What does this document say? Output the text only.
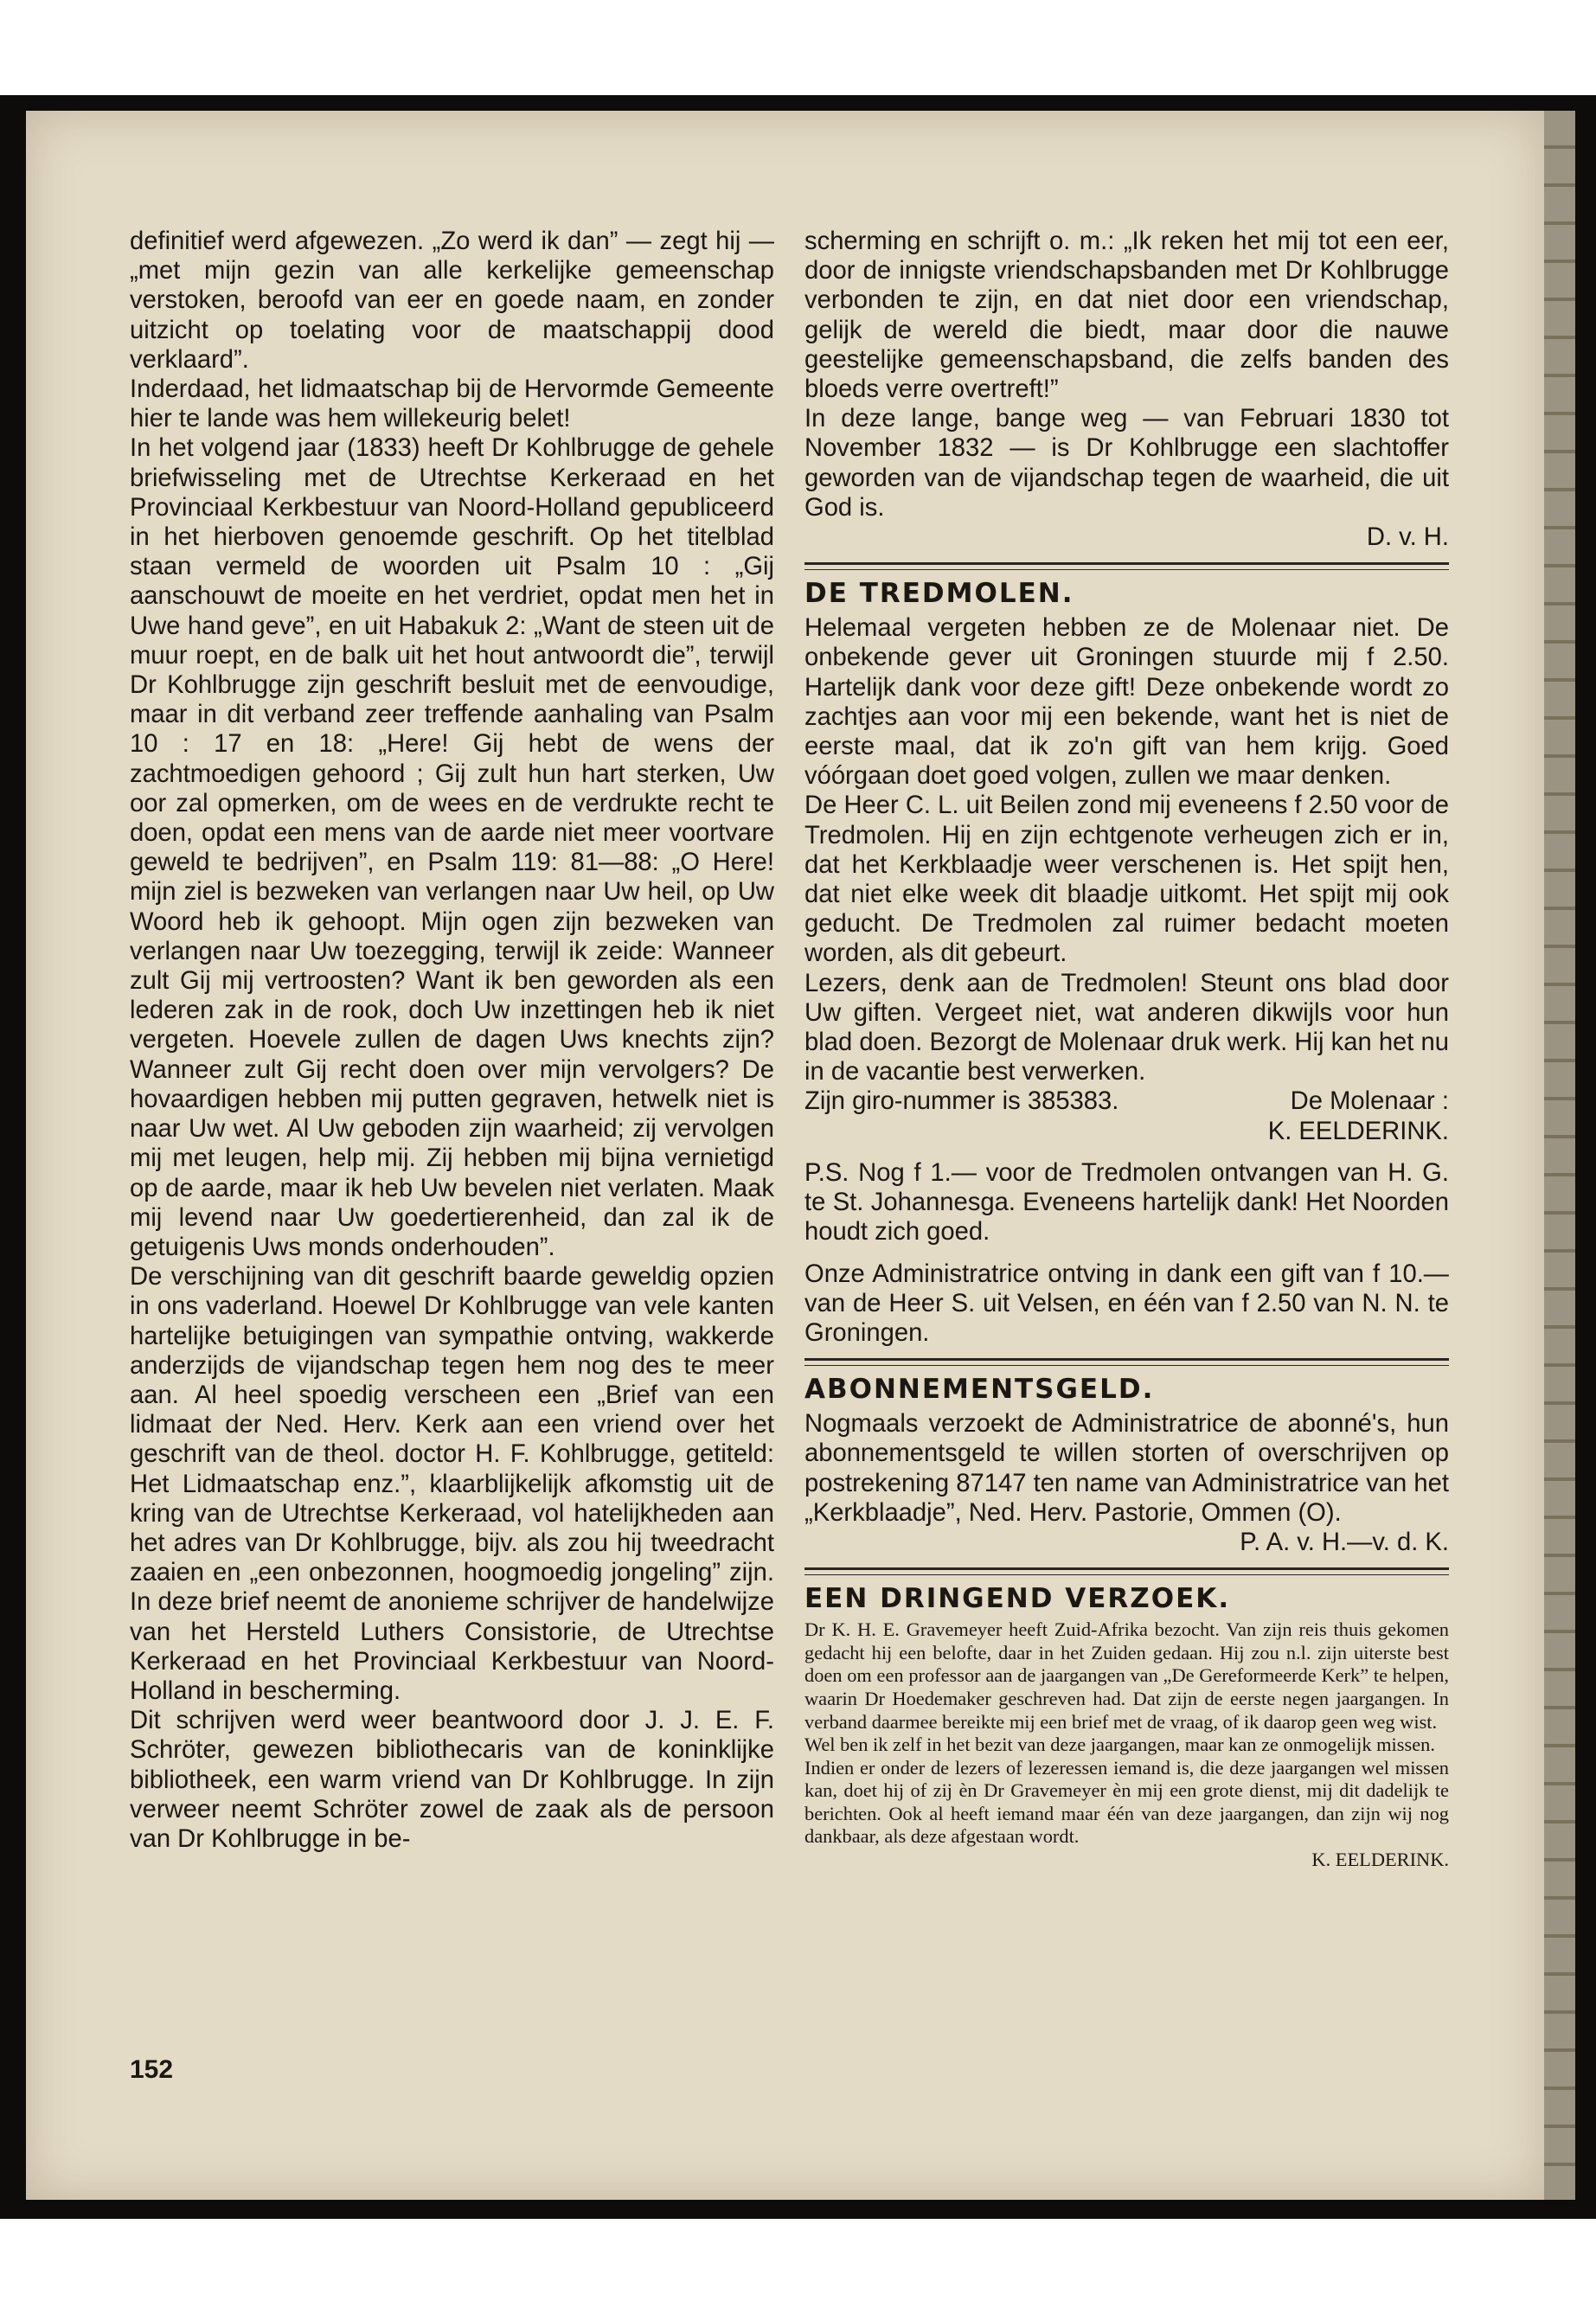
definitief werd afgewezen. „Zo werd ik dan” — zegt hij — „met mijn gezin van alle kerkelijke gemeenschap verstoken, beroofd van eer en goede naam, en zonder uitzicht op toelating voor de maatschappij dood verklaard”.

Inderdaad, het lidmaatschap bij de Hervormde Gemeente hier te lande was hem willekeurig belet!

In het volgend jaar (1833) heeft Dr Kohlbrugge de gehele briefwisseling met de Utrechtse Kerkeraad en het Provinciaal Kerkbestuur van Noord-Holland gepubliceerd in het hierboven genoemde geschrift. Op het titelblad staan vermeld de woorden uit Psalm 10 : „Gij aanschouwt de moeite en het verdriet, opdat men het in Uwe hand geve”, en uit Habakuk 2: „Want de steen uit de muur roept, en de balk uit het hout antwoordt die”, terwijl Dr Kohlbrugge zijn geschrift besluit met de eenvoudige, maar in dit verband zeer treffende aanhaling van Psalm 10 : 17 en 18: „Here! Gij hebt de wens der zachtmoedigen gehoord ; Gij zult hun hart sterken, Uw oor zal opmerken, om de wees en de verdrukte recht te doen, opdat een mens van de aarde niet meer voortvare geweld te bedrijven”, en Psalm 119: 81—88: „O Here! mijn ziel is bezweken van verlangen naar Uw heil, op Uw Woord heb ik gehoopt. Mijn ogen zijn bezweken van verlangen naar Uw toezegging, terwijl ik zeide: Wanneer zult Gij mij vertroosten? Want ik ben geworden als een lederen zak in de rook, doch Uw inzettingen heb ik niet vergeten. Hoevele zullen de dagen Uws knechts zijn? Wanneer zult Gij recht doen over mijn vervolgers? De hovaardigen hebben mij putten gegraven, hetwelk niet is naar Uw wet. Al Uw geboden zijn waarheid; zij vervolgen mij met leugen, help mij. Zij hebben mij bijna vernietigd op de aarde, maar ik heb Uw bevelen niet verlaten. Maak mij levend naar Uw goedertierenheid, dan zal ik de getuigenis Uws monds onderhouden”.

De verschijning van dit geschrift baarde geweldig opzien in ons vaderland. Hoewel Dr Kohlbrugge van vele kanten hartelijke betuigingen van sympathie ontving, wakkerde anderzijds de vijandschap tegen hem nog des te meer aan. Al heel spoedig verscheen een „Brief van een lidmaat der Ned. Herv. Kerk aan een vriend over het geschrift van de theol. doctor H. F. Kohlbrugge, getiteld: Het Lidmaatschap enz.”, klaarblijkelijk afkomstig uit de kring van de Utrechtse Kerkeraad, vol hatelijkheden aan het adres van Dr Kohlbrugge, bijv. als zou hij tweedracht zaaien en „een onbezonnen, hoogmoedig jongeling” zijn. In deze brief neemt de anonieme schrijver de handelwijze van het Hersteld Luthers Consistorie, de Utrechtse Kerkeraad en het Provinciaal Kerkbestuur van Noord-Holland in bescherming.

Dit schrijven werd weer beantwoord door J. J. E. F. Schröter, gewezen bibliothecaris van de koninklijke bibliotheek, een warm vriend van Dr Kohlbrugge. In zijn verweer neemt Schröter zowel de zaak als de persoon van Dr Kohlbrugge in be-

152

scherming en schrijft o. m.: „Ik reken het mij tot een eer, door de innigste vriendschapsbanden met Dr Kohlbrugge verbonden te zijn, en dat niet door een vriendschap, gelijk de wereld die biedt, maar door die nauwe geestelijke gemeenschapsband, die zelfs banden des bloeds verre overtreft!”

In deze lange, bange weg — van Februari 1830 tot November 1832 — is Dr Kohlbrugge een slachtoffer geworden van de vijandschap tegen de waarheid, die uit God is.

D. v. H.
DE TREDMOLEN.

Helemaal vergeten hebben ze de Molenaar niet. De onbekende gever uit Groningen stuurde mij f 2.50. Hartelijk dank voor deze gift! Deze onbekende wordt zo zachtjes aan voor mij een bekende, want het is niet de eerste maal, dat ik zo'n gift van hem krijg. Goed vóórgaan doet goed volgen, zullen we maar denken.

De Heer C. L. uit Beilen zond mij eveneens f 2.50 voor de Tredmolen. Hij en zijn echtgenote verheugen zich er in, dat het Kerkblaadje weer verschenen is. Het spijt hen, dat niet elke week dit blaadje uitkomt. Het spijt mij ook geducht. De Tredmolen zal ruimer bedacht moeten worden, als dit gebeurt.

Lezers, denk aan de Tredmolen! Steunt ons blad door Uw giften. Vergeet niet, wat anderen dikwijls voor hun blad doen. Bezorgt de Molenaar druk werk. Hij kan het nu in de vacantie best verwerken.

Zijn giro-nummer is 385383.	De Molenaar :
K. EELDERINK.

P.S. Nog f 1.— voor de Tredmolen ontvangen van H. G. te St. Johannesga. Eveneens hartelijk dank! Het Noorden houdt zich goed.

Onze Administratrice ontving in dank een gift van f 10.— van de Heer S. uit Velsen, en één van f 2.50 van N. N. te Groningen.

ABONNEMENTSGELD.

Nogmaals verzoekt de Administratrice de abonné's, hun abonnementsgeld te willen storten of overschrijven op postrekening 87147 ten name van Administratrice van het „Kerkblaadje”, Ned. Herv. Pastorie, Ommen (O).

P. A. v. H.—v. d. K.
EEN DRINGEND VERZOEK.

Dr K. H. E. Gravemeyer heeft Zuid-Afrika bezocht. Van zijn reis thuis gekomen gedacht hij een belofte, daar in het Zuiden gedaan. Hij zou n.l. zijn uiterste best doen om een professor aan de jaargangen van „De Gereformeerde Kerk” te helpen, waarin Dr Hoedemaker geschreven had. Dat zijn de eerste negen jaargangen. In verband daarmee bereikte mij een brief met de vraag, of ik daarop geen weg wist.

Wel ben ik zelf in het bezit van deze jaargangen, maar kan ze onmogelijk missen.

Indien er onder de lezers of lezeressen iemand is, die deze jaargangen wel missen kan, doet hij of zij èn Dr Gravemeyer èn mij een grote dienst, mij dit dadelijk te berichten. Ook al heeft iemand maar één van deze jaargangen, dan zijn wij nog dankbaar, als deze afgestaan wordt.

K. EELDERINK.
